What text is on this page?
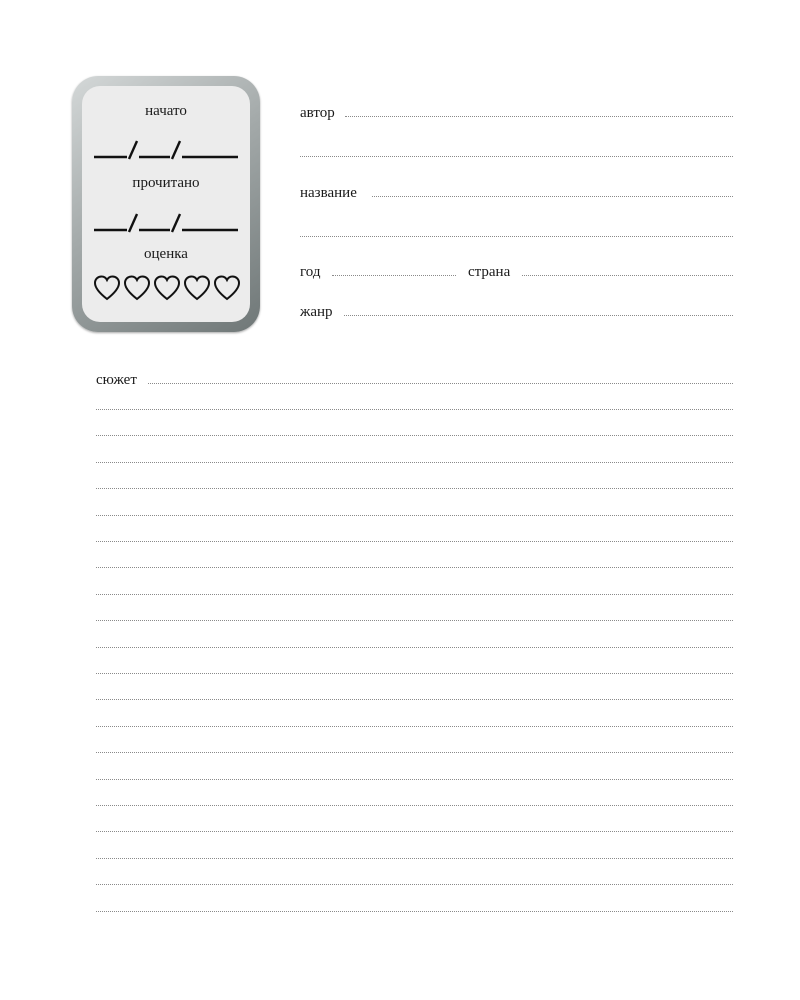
начато
прочитано
оценка
автор
название
год	страна
жанр
сюжет
